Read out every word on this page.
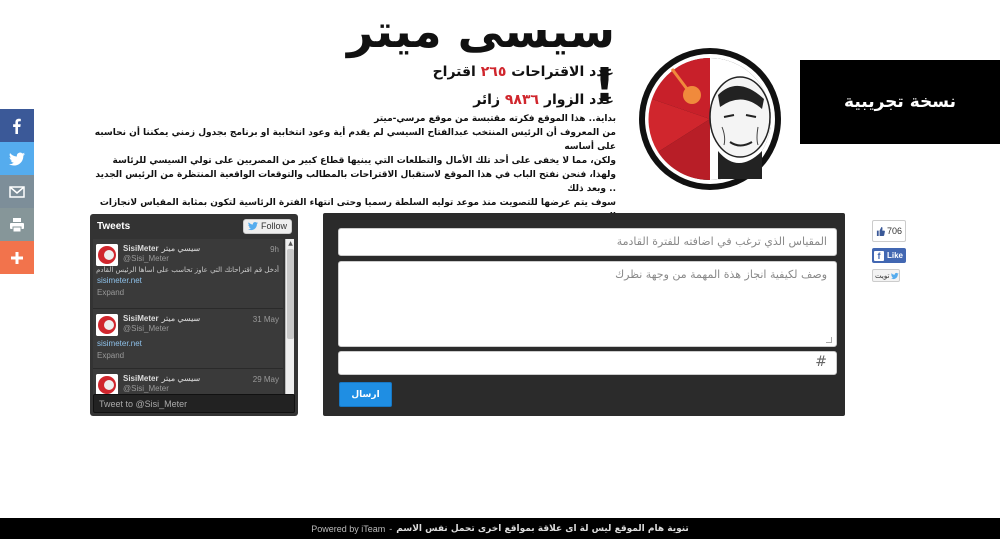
سيسى ميتر !
عدد الاقتراحات ٢٦٥ اقتراح
عدد الزوار ٩٨٣٦ زائر
بداية.. هذا الموقع فكرته مقتبسة من موقع مرسي-ميتر
من المعروف أن الرئيس المنتخب عبدالفتاح السيسي لم يقدم أية وعود انتخابية او برنامج بجدول زمني يمكننا أن نحاسبه على أساسه
ولكن، مما لا يخفى على أحد تلك الأمال والتطلعات التي يبنيها قطاع كبير من المصريين على تولي السيسي للرئاسة
ولهذا، فنحن نفتح الباب في هذا الموقع لاستقبال الاقتراحات بالمطالب والتوقعات الواقعية المنتظرة من الرئيس الجديد .. وبعد ذلك
سوف يتم عرضها للتصويت منذ موعد توليه السلطة رسميا وحتى انتهاء الفترة الرئاسية لتكون بمثابة المقياس لانجازات
نسخة تجريبية
Tweets	Follow
SisiMeter سيسي ميتر
@Sisi_Meter
9h
أدخل قم اقتراحاتك التي عاوز تحاسب على اساها الرئيس القادم
sisimeter.net
Expand
SisiMeter سيسي ميتر
@Sisi_Meter
31 May
sisimeter.net
Expand
SisiMeter سيسي ميتر
@Sisi_Meter
29 May
▲
Tweet to @Sisi_Meter
المقياس الذي ترغب في اضافته للفترة القادمة
وصف لكيفية انجاز هذة المهمة من وجهة نظرك
#
ارسال
706
f Like
تويت
Powered by iTeam - تنوية هام الموقع ليس لة اى علاقة بمواقع اخرى تحمل نفس الاسم
